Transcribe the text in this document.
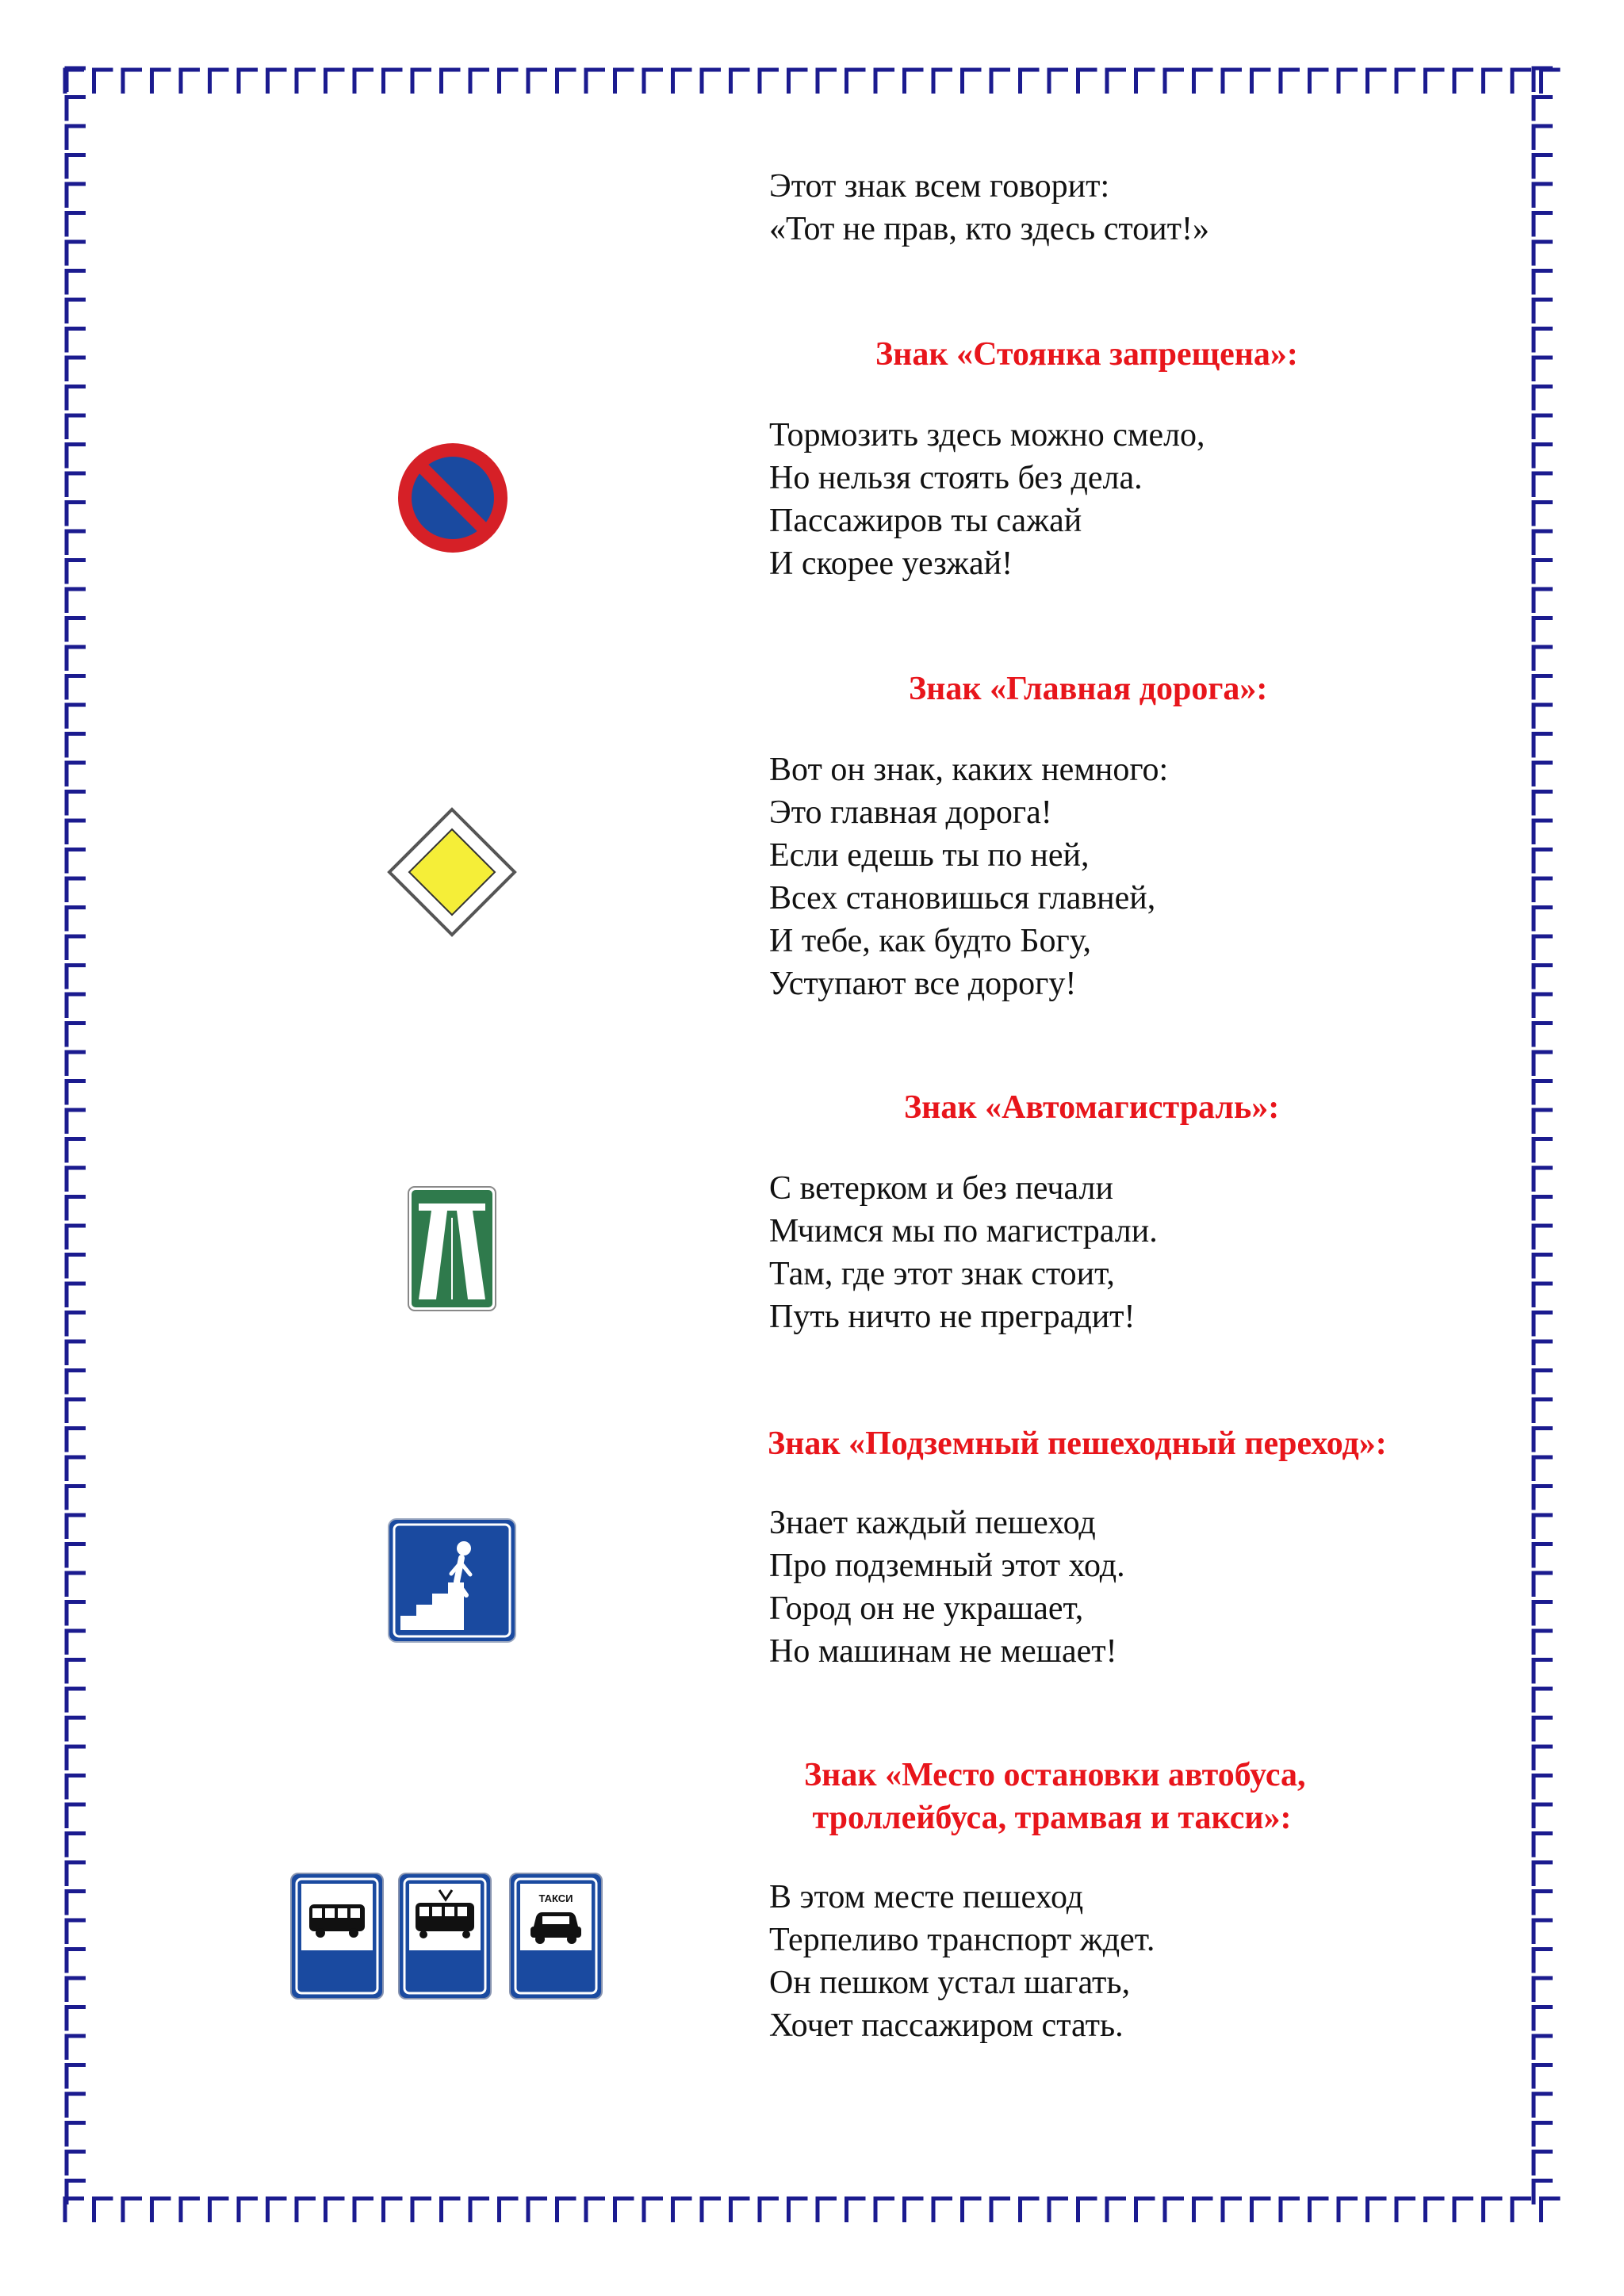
Этот знак всем говорит:
«Тот не прав, кто здесь стоит!»

Знак «Стоянка запрещена»:

Тормозить здесь можно смело,
Но нельзя стоять без дела.
Пассажиров ты сажай
И скорее уезжай!

Знак «Главная дорога»:

Вот он знак, каких немного:
Это главная дорога!
Если едешь ты по ней,
Всех становишься главней,
И тебе, как будто Богу,
Уступают все дорогу!

Знак «Автомагистраль»:

С ветерком и без печали
Мчимся мы по магистрали.
Там, где этот знак стоит,
Путь ничто не преградит!

Знак «Подземный пешеходный переход»:

Знает каждый пешеход
Про подземный этот ход.
Город он не украшает,
Но машинам не мешает!

Знак «Место остановки автобуса,
троллейбуса, трамвая и такси»:
ТАКСИ	В этом месте пешеход
Терпеливо транспорт ждет.
Он пешком устал шагать,
Хочет пассажиром стать.
